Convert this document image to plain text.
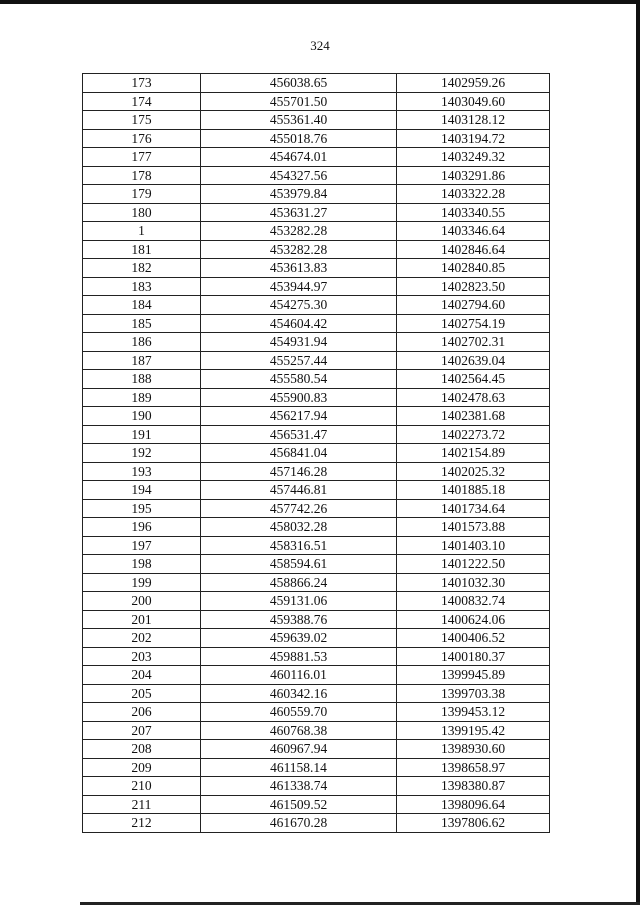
324
173	456038.65	1402959.26
174	455701.50	1403049.60
175	455361.40	1403128.12
176	455018.76	1403194.72
177	454674.01	1403249.32
178	454327.56	1403291.86
179	453979.84	1403322.28
180	453631.27	1403340.55
1	453282.28	1403346.64
181	453282.28	1402846.64
182	453613.83	1402840.85
183	453944.97	1402823.50
184	454275.30	1402794.60
185	454604.42	1402754.19
186	454931.94	1402702.31
187	455257.44	1402639.04
188	455580.54	1402564.45
189	455900.83	1402478.63
190	456217.94	1402381.68
191	456531.47	1402273.72
192	456841.04	1402154.89
193	457146.28	1402025.32
194	457446.81	1401885.18
195	457742.26	1401734.64
196	458032.28	1401573.88
197	458316.51	1401403.10
198	458594.61	1401222.50
199	458866.24	1401032.30
200	459131.06	1400832.74
201	459388.76	1400624.06
202	459639.02	1400406.52
203	459881.53	1400180.37
204	460116.01	1399945.89
205	460342.16	1399703.38
206	460559.70	1399453.12
207	460768.38	1399195.42
208	460967.94	1398930.60
209	461158.14	1398658.97
210	461338.74	1398380.87
211	461509.52	1398096.64
212	461670.28	1397806.62
